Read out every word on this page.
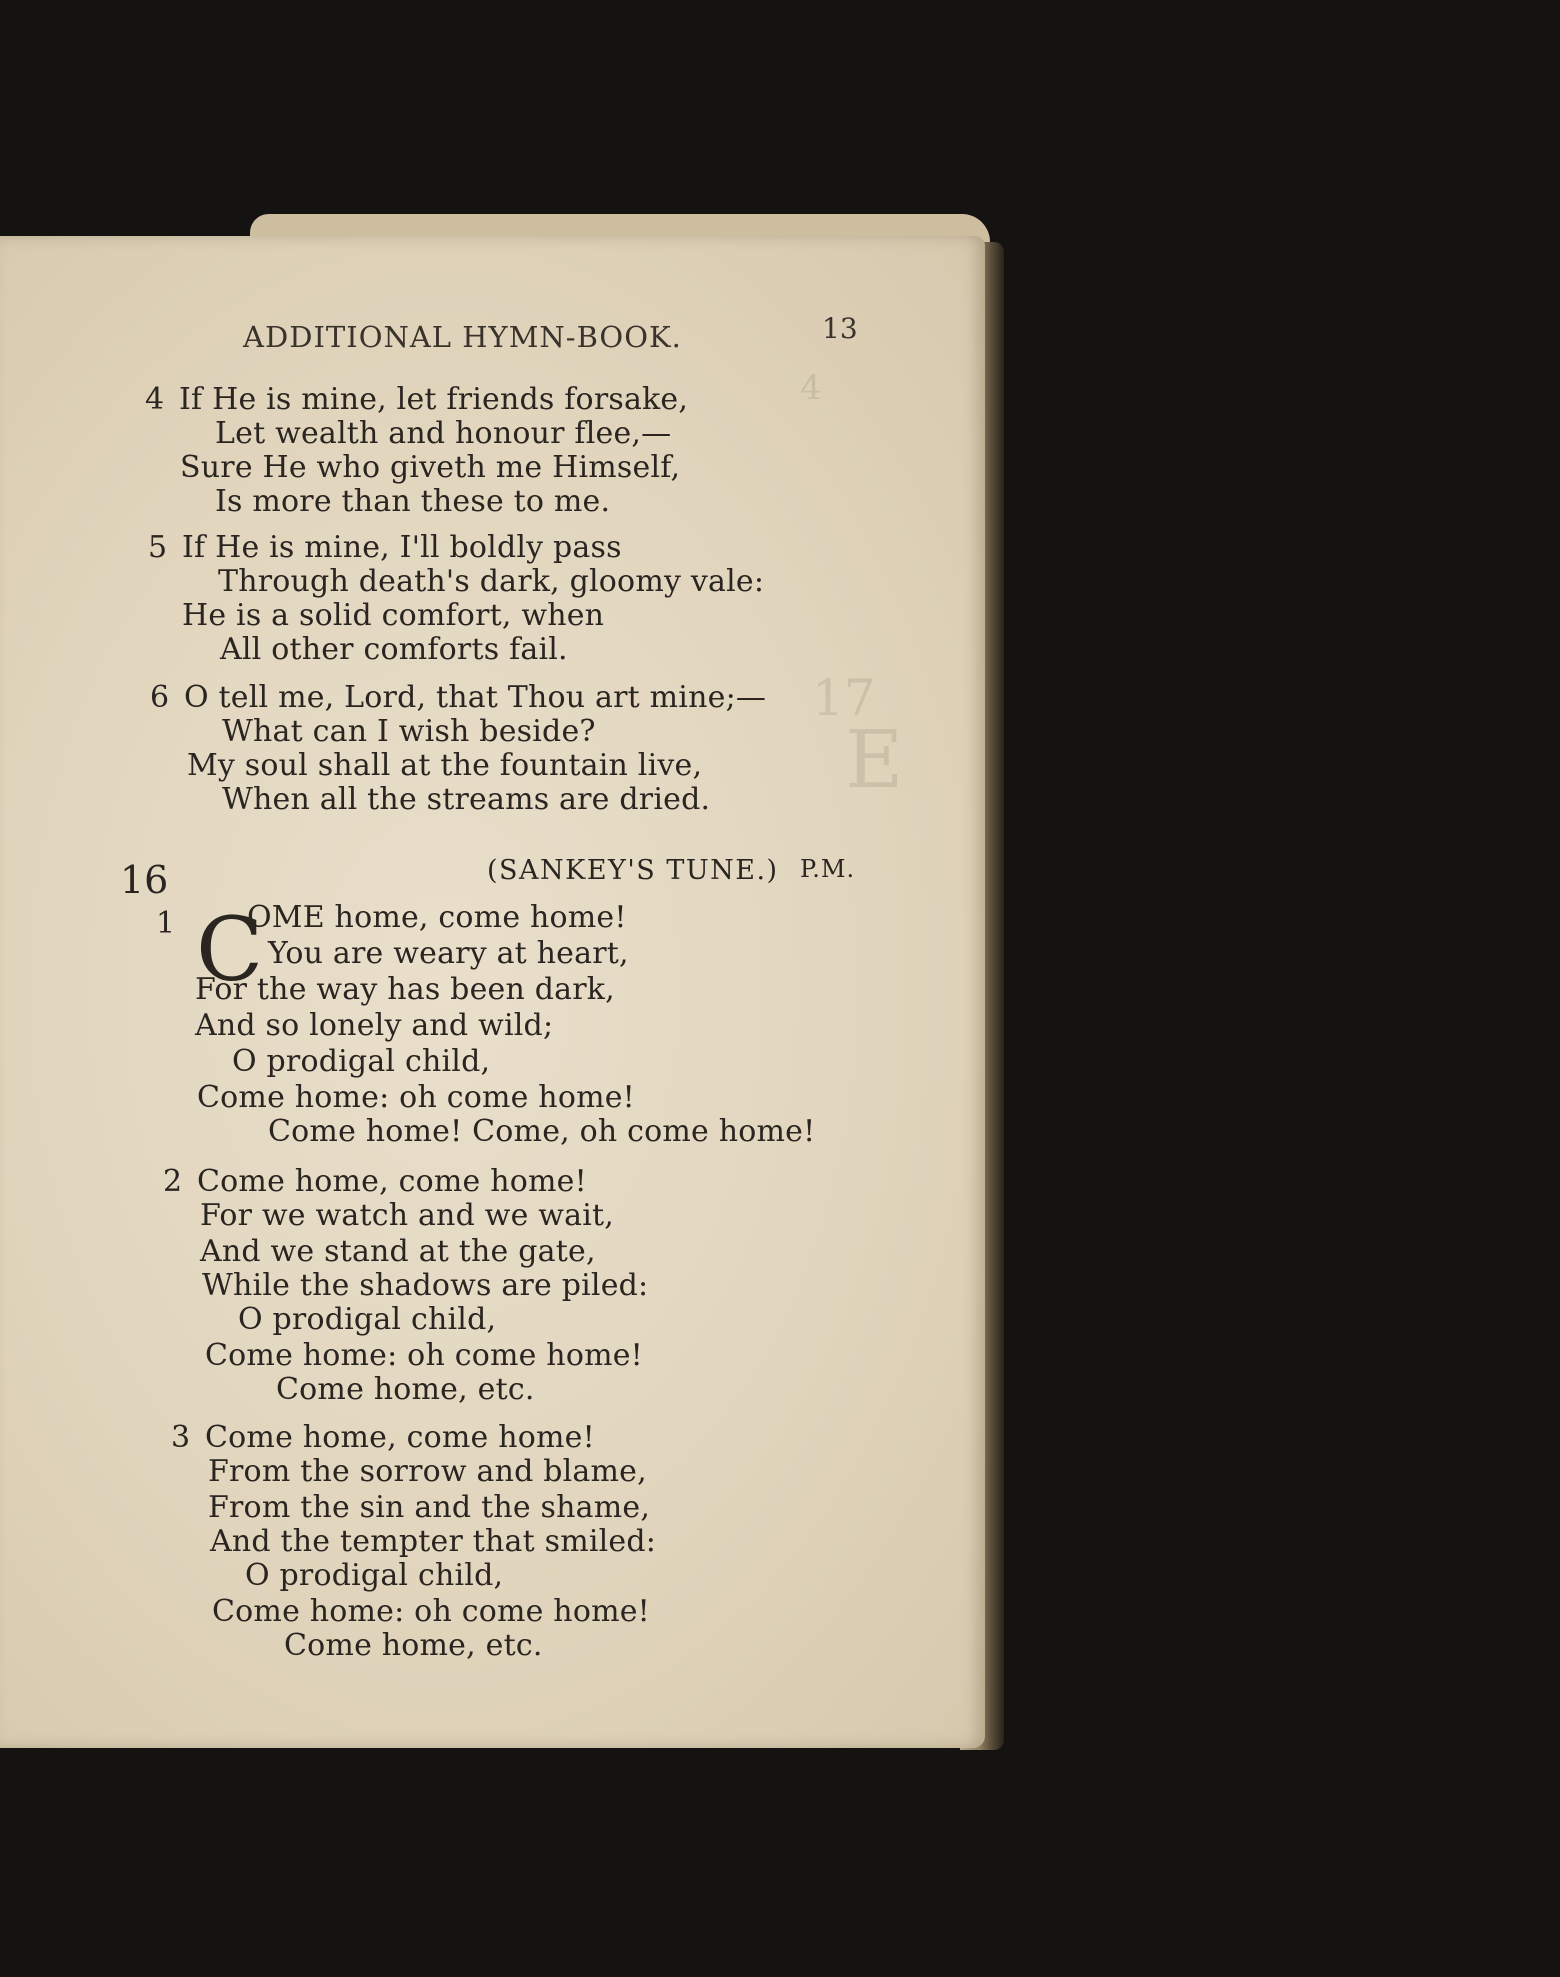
4
17
E
ADDITIONAL HYMN-BOOK.	13
4 If He is mine, let friends forsake,
Let wealth and honour flee,—
Sure He who giveth me Himself,
Is more than these to me.
5 If He is mine, I'll boldly pass
Through death's dark, gloomy vale:
He is a solid comfort, when
All other comforts fail.
6 O tell me, Lord, that Thou art mine;—
What can I wish beside?
My soul shall at the fountain live,
When all the streams are dried.
16	(SANKEY'S TUNE.) P.M.
1 C
OME home, come home!
You are weary at heart,
For the way has been dark,
And so lonely and wild;
O prodigal child,
Come home: oh come home!
Come home! Come, oh come home!
2 Come home, come home!
For we watch and we wait,
And we stand at the gate,
While the shadows are piled:
O prodigal child,
Come home: oh come home!
Come home, etc.
3 Come home, come home!
From the sorrow and blame,
From the sin and the shame,
And the tempter that smiled:
O prodigal child,
Come home: oh come home!
Come home, etc.
